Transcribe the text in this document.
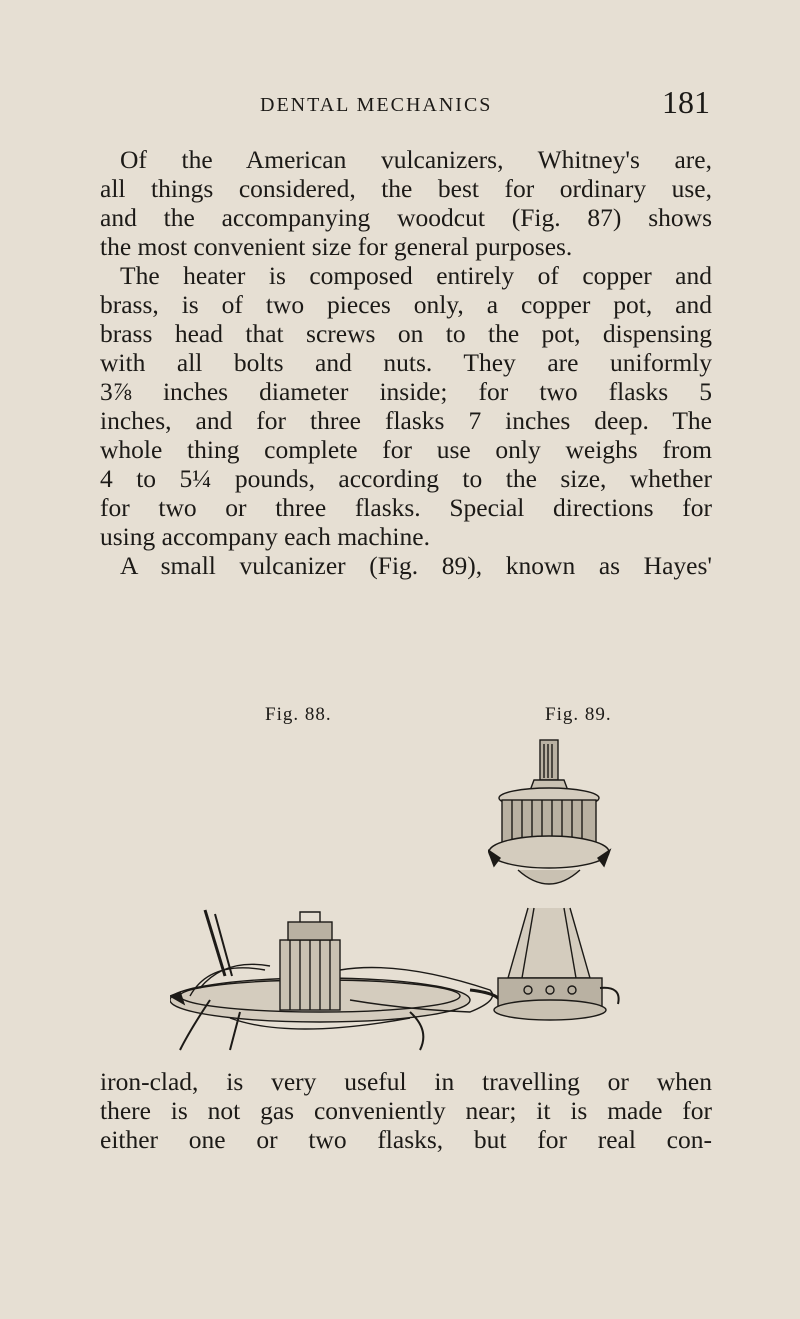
DENTAL MECHANICS	181
Of the American vulcanizers, Whitney's are,
all things considered, the best for ordinary use,
and the accompanying woodcut (Fig. 87) shows
the most convenient size for general purposes.
The heater is composed entirely of copper and
brass, is of two pieces only, a copper pot, and
brass head that screws on to the pot, dispensing
with all bolts and nuts. They are uniformly
3⅞ inches diameter inside; for two flasks 5
inches, and for three flasks 7 inches deep. The
whole thing complete for use only weighs from
4 to 5¼ pounds, according to the size, whether
for two or three flasks. Special directions for
using accompany each machine.
A small vulcanizer (Fig. 89), known as Hayes'
Fig. 88.	Fig. 89.
iron-clad, is very useful in travelling or when
there is not gas conveniently near; it is made for
either one or two flasks, but for real con-
